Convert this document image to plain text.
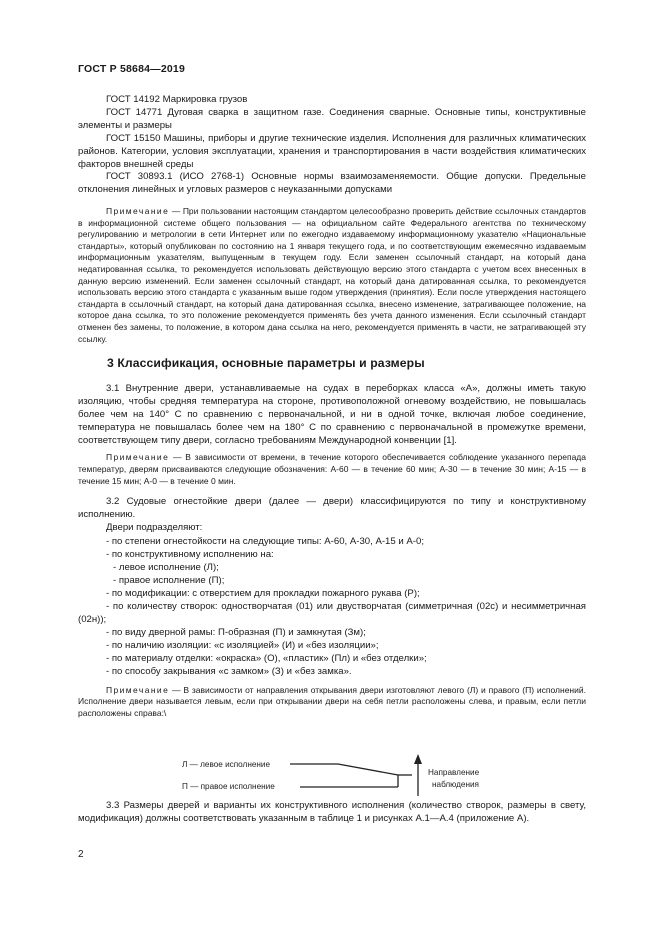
ГОСТ Р 58684—2019

ГОСТ 14192 Маркировка грузов

ГОСТ 14771 Дуговая сварка в защитном газе. Соединения сварные. Основные типы, конструктивные элементы и размеры

ГОСТ 15150 Машины, приборы и другие технические изделия. Исполнения для различных климатических районов. Категории, условия эксплуатации, хранения и транспортирования в части воздействия климатических факторов внешней среды

ГОСТ 30893.1 (ИСО 2768-1) Основные нормы взаимозаменяемости. Общие допуски. Предельные отклонения линейных и угловых размеров с неуказанными допусками

Примечание — При пользовании настоящим стандартом целесообразно проверить действие ссылочных стандартов в информационной системе общего пользования — на официальном сайте Федерального агентства по техническому регулированию и метрологии в сети Интернет или по ежегодно издаваемому информационному указателю «Национальные стандарты», который опубликован по состоянию на 1 января текущего года, и по соответствующим ежемесячно издаваемым информационным указателям, выпущенным в текущем году. Если заменен ссылочный стандарт, на который дана недатированная ссылка, то рекомендуется использовать действующую версию этого стандарта с учетом всех внесенных в данную версию изменений. Если заменен ссылочный стандарт, на который дана датированная ссылка, то рекомендуется использовать версию этого стандарта с указанным выше годом утверждения (принятия). Если после утверждения настоящего стандарта в ссылочный стандарт, на который дана датированная ссылка, внесено изменение, затрагивающее положение, на которое дана ссылка, то это положение рекомендуется применять без учета данного изменения. Если ссылочный стандарт отменен без замены, то положение, в котором дана ссылка на него, рекомендуется применять в части, не затрагивающей эту ссылку.

3 Классификация, основные параметры и размеры

3.1 Внутренние двери, устанавливаемые на судах в переборках класса «А», должны иметь такую изоляцию, чтобы средняя температура на стороне, противоположной огневому воздействию, не повышалась более чем на 140° С по сравнению с первоначальной, и ни в одной точке, включая любое соединение, температура не повышалась более чем на 180° С по сравнению с первоначальной в промежутке времени, соответствующем типу двери, согласно требованиям Международной конвенции [1].

Примечание — В зависимости от времени, в течение которого обеспечивается соблюдение указанного перепада температур, дверям присваиваются следующие обозначения: А-60 — в течение 60 мин; А-30 — в течение 30 мин; А-15 — в течение 15 мин; А-0 — в течение 0 мин.

3.2 Судовые огнестойкие двери (далее — двери) классифицируются по типу и конструктивному исполнению.

Двери подразделяют:

- по степени огнестойкости на следующие типы: А-60, А-30, А-15 и А-0;

- по конструктивному исполнению на:

- левое исполнение (Л);

- правое исполнение (П);

- по модификации: с отверстием для прокладки пожарного рукава (Р);

- по количеству створок: одностворчатая (01) или двустворчатая (симметричная (02с) и несимметричная (02н));

- по виду дверной рамы: П-образная (П) и замкнутая (Зм);

- по наличию изоляции: «с изоляцией» (И) и «без изоляции»;

- по материалу отделки: «окраска» (О), «пластик» (Пл) и «без отделки»;

- по способу закрывания «с замком» (З) и «без замка».

Примечание — В зависимости от направления открывания двери изготовляют левого (Л) и правого (П) исполнений. Исполнение двери называется левым, если при открывании двери на себя петли расположены слева, и правым, если петли расположены справа:\

Л — левое исполнение
П — правое исполнение
Направление
наблюдения

3.3 Размеры дверей и варианты их конструктивного исполнения (количество створок, размеры в свету, модификация) должны соответствовать указанным в таблице 1 и рисунках А.1—А.4 (приложение А).

2
